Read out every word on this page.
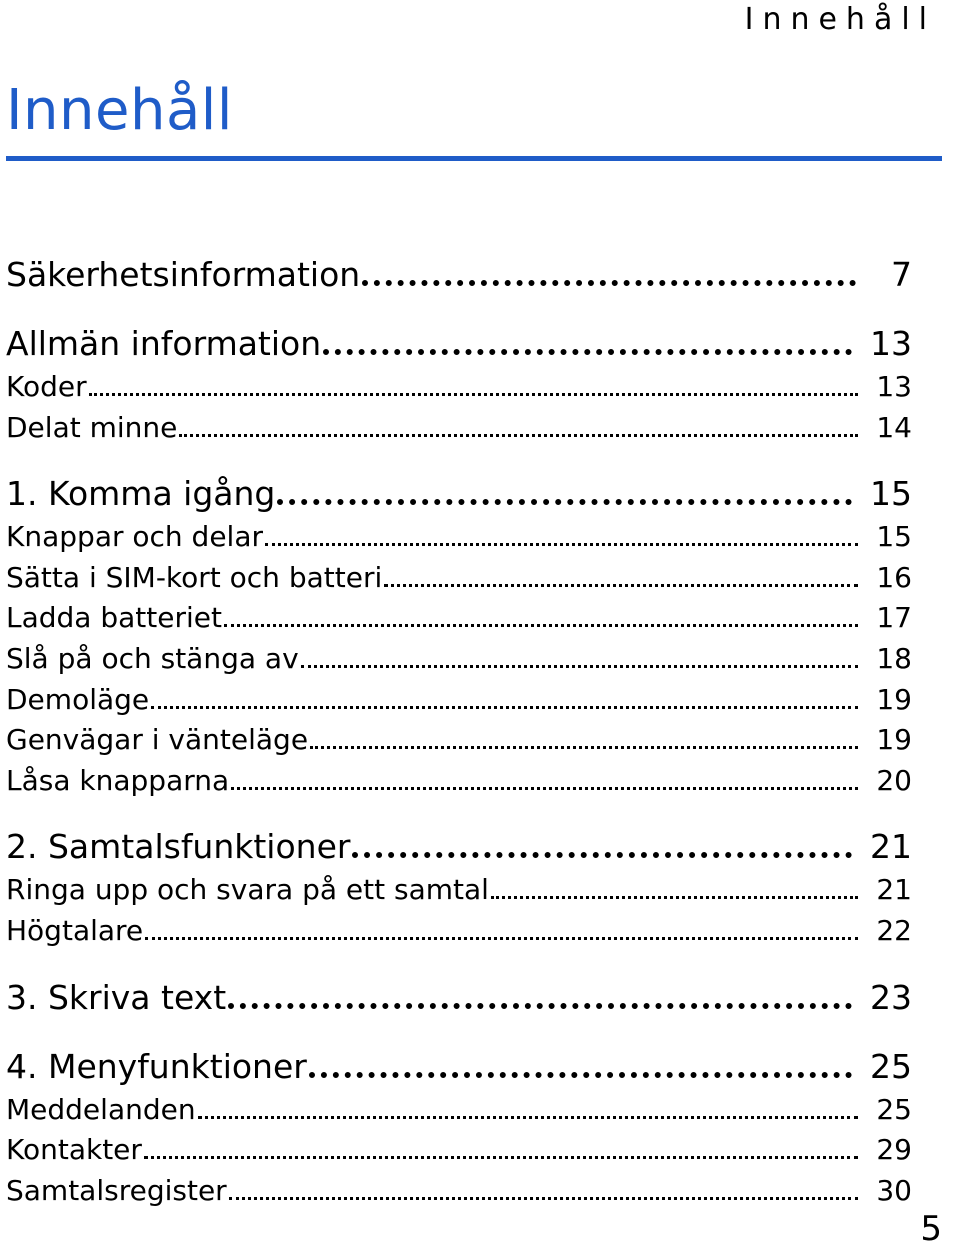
Innehåll
Innehåll
Säkerhetsinformation	7
Allmän information	13
Koder	13
Delat minne	14
1. Komma igång	15
Knappar och delar	15
Sätta i SIM-kort och batteri	16
Ladda batteriet	17
Slå på och stänga av	18
Demoläge	19
Genvägar i vänteläge	19
Låsa knapparna	20
2. Samtalsfunktioner	21
Ringa upp och svara på ett samtal	21
Högtalare	22
3. Skriva text	23
4. Menyfunktioner	25
Meddelanden	25
Kontakter	29
Samtalsregister	30
5
